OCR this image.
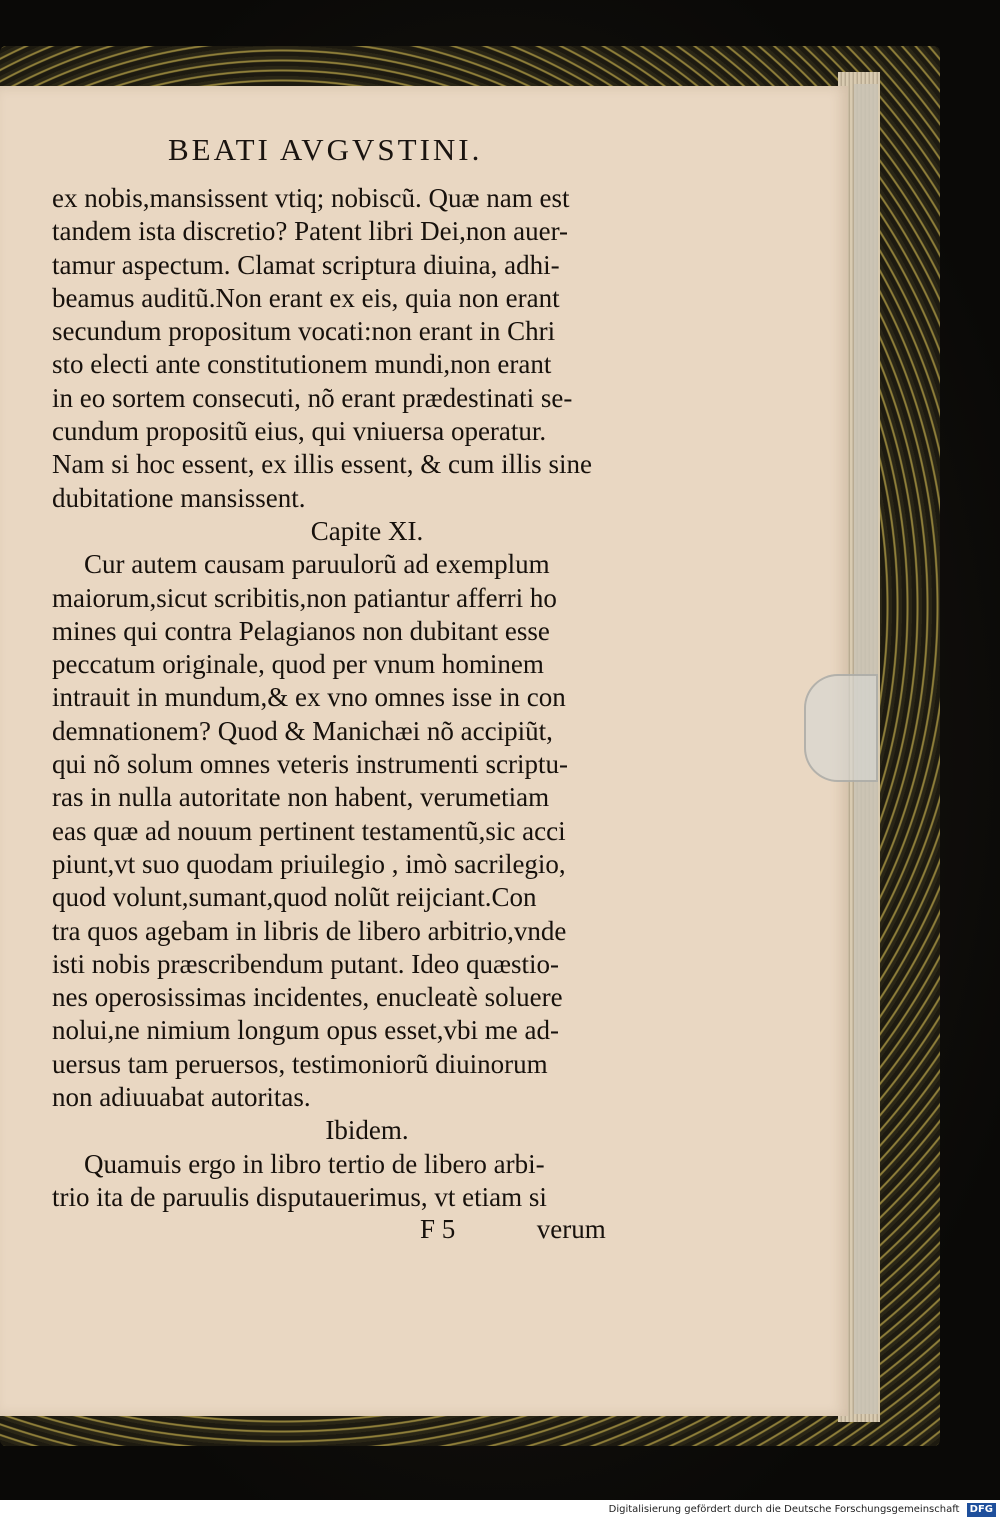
BEATI AVGVSTINI.
ex nobis,mansissent vtiq; nobiscũ. Quæ nam est
tandem ista discretio? Patent libri Dei,non auer-
tamur aspectum. Clamat scriptura diuina, adhi-
beamus auditũ.Non erant ex eis, quia non erant
secundum propositum vocati:non erant in Chri
sto electi ante constitutionem mundi,non erant
in eo sortem consecuti, nõ erant prædestinati se-
cundum propositũ eius, qui vniuersa operatur.
Nam si hoc essent, ex illis essent, & cum illis sine
dubitatione mansissent.
Capite XI.
Cur autem causam paruulorũ ad exemplum
maiorum,sicut scribitis,non patiantur afferri ho
mines qui contra Pelagianos non dubitant esse
peccatum originale, quod per vnum hominem
intrauit in mundum,& ex vno omnes isse in con
demnationem? Quod & Manichæi nõ accipiũt,
qui nõ solum omnes veteris instrumenti scriptu-
ras in nulla autoritate non habent, verumetiam
eas quæ ad nouum pertinent testamentũ,sic acci
piunt,vt suo quodam priuilegio , imò sacrilegio,
quod volunt,sumant,quod nolũt reijciant.Con
tra quos agebam in libris de libero arbitrio,vnde
isti nobis præscribendum putant. Ideo quæstio-
nes operosissimas incidentes, enucleatè soluere
nolui,ne nimium longum opus esset,vbi me ad-
uersus tam peruersos, testimoniorũ diuinorum
non adiuuabat autoritas.
Ibidem.
Quamuis ergo in libro tertio de libero arbi-
trio ita de paruulis disputauerimus, vt etiam si
F 5	verum
Digitalisierung gefördert durch die Deutsche Forschungsgemeinschaft DFG
